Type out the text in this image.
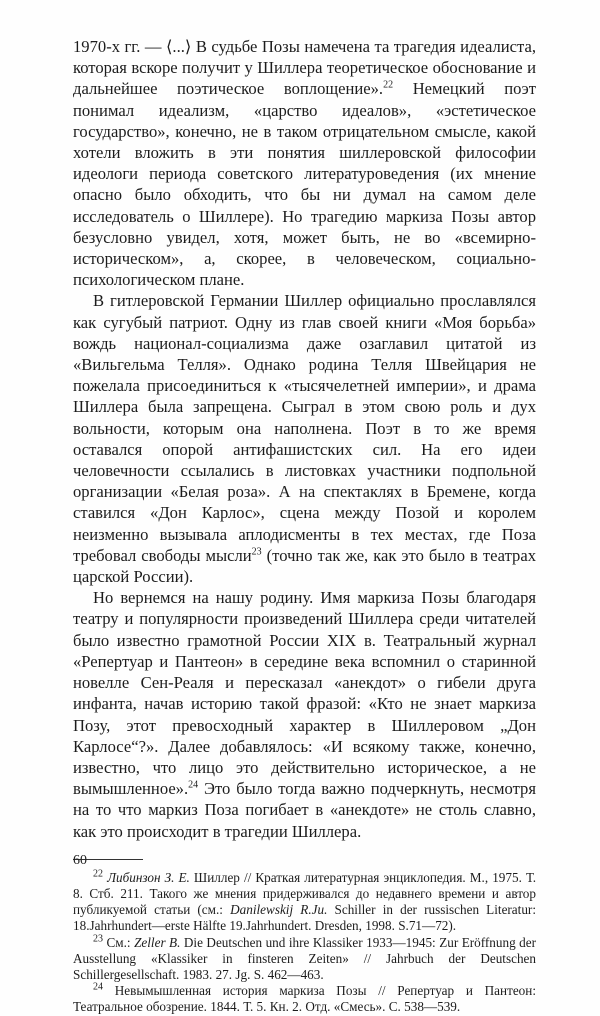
1970-х гг. — ⟨...⟩ В судьбе Позы намечена та трагедия идеалиста, которая вскоре получит у Шиллера теоретическое обоснование и дальнейшее поэтическое воплощение».$^{22}$ Немецкий поэт понимал идеализм, «царство идеалов», «эстетическое государство», конечно, не в таком отрицательном смысле, какой хотели вложить в эти понятия шиллеровской философии идеологи периода советского литературоведения (их мнение опасно было обходить, что бы ни думал на самом деле исследователь о Шиллере). Но трагедию маркиза Позы автор безусловно увидел, хотя, может быть, не во «всемирно-историческом», а, скорее, в человеческом, социально-психологическом плане.

В гитлеровской Германии Шиллер официально прославлялся как сугубый патриот. Одну из глав своей книги «Моя борьба» вождь национал-социализма даже озаглавил цитатой из «Вильгельма Телля». Однако родина Телля Швейцария не пожелала присоединиться к «тысячелетней империи», и драма Шиллера была запрещена. Сыграл в этом свою роль и дух вольности, которым она наполнена. Поэт в то же время оставался опорой антифашистских сил. На его идеи человечности ссылались в листовках участники подпольной организации «Белая роза». А на спектаклях в Бремене, когда ставился «Дон Карлос», сцена между Позой и королем неизменно вызывала аплодисменты в тех местах, где Поза требовал свободы мысли$^{23}$ (точно так же, как это было в театрах царской России).

Но вернемся на нашу родину. Имя маркиза Позы благодаря театру и популярности произведений Шиллера среди читателей было известно грамотной России XIX в. Театральный журнал «Репертуар и Пантеон» в середине века вспомнил о старинной новелле Сен-Реаля и пересказал «анекдот» о гибели друга инфанта, начав историю такой фразой: «Кто не знает маркиза Позу, этот превосходный характер в Шиллеровом „Дон Карлосе“?». Далее добавлялось: «И всякому также, конечно, известно, что лицо это действительно историческое, а не вымышленное».$^{24}$ Это было тогда важно подчеркнуть, несмотря на то что маркиз Поза погибает в «анекдоте» не столь славно, как это происходит в трагедии Шиллера.

$^{22}$ Либинзон З. Е. Шиллер // Краткая литературная энциклопедия. М., 1975. Т. 8. Стб. 211. Такого же мнения придерживался до недавнего времени и автор публикуемой статьи (см.: Danilewskij R.Ju. Schiller in der russischen Literatur: 18.Jahrhundert—erste Hälfte 19.Jahrhundert. Dresden, 1998. S.71—72).

$^{23}$ См.: Zeller B. Die Deutschen und ihre Klassiker 1933—1945: Zur Eröffnung der Ausstellung «Klassiker in finsteren Zeiten» // Jahrbuch der Deutschen Schillergesellschaft. 1983. 27. Jg. S. 462—463.

$^{24}$ Невымышленная история маркиза Позы // Репертуар и Пантеон: Театральное обозрение. 1844. Т. 5. Кн. 2. Отд. «Смесь». С. 538—539.

60
